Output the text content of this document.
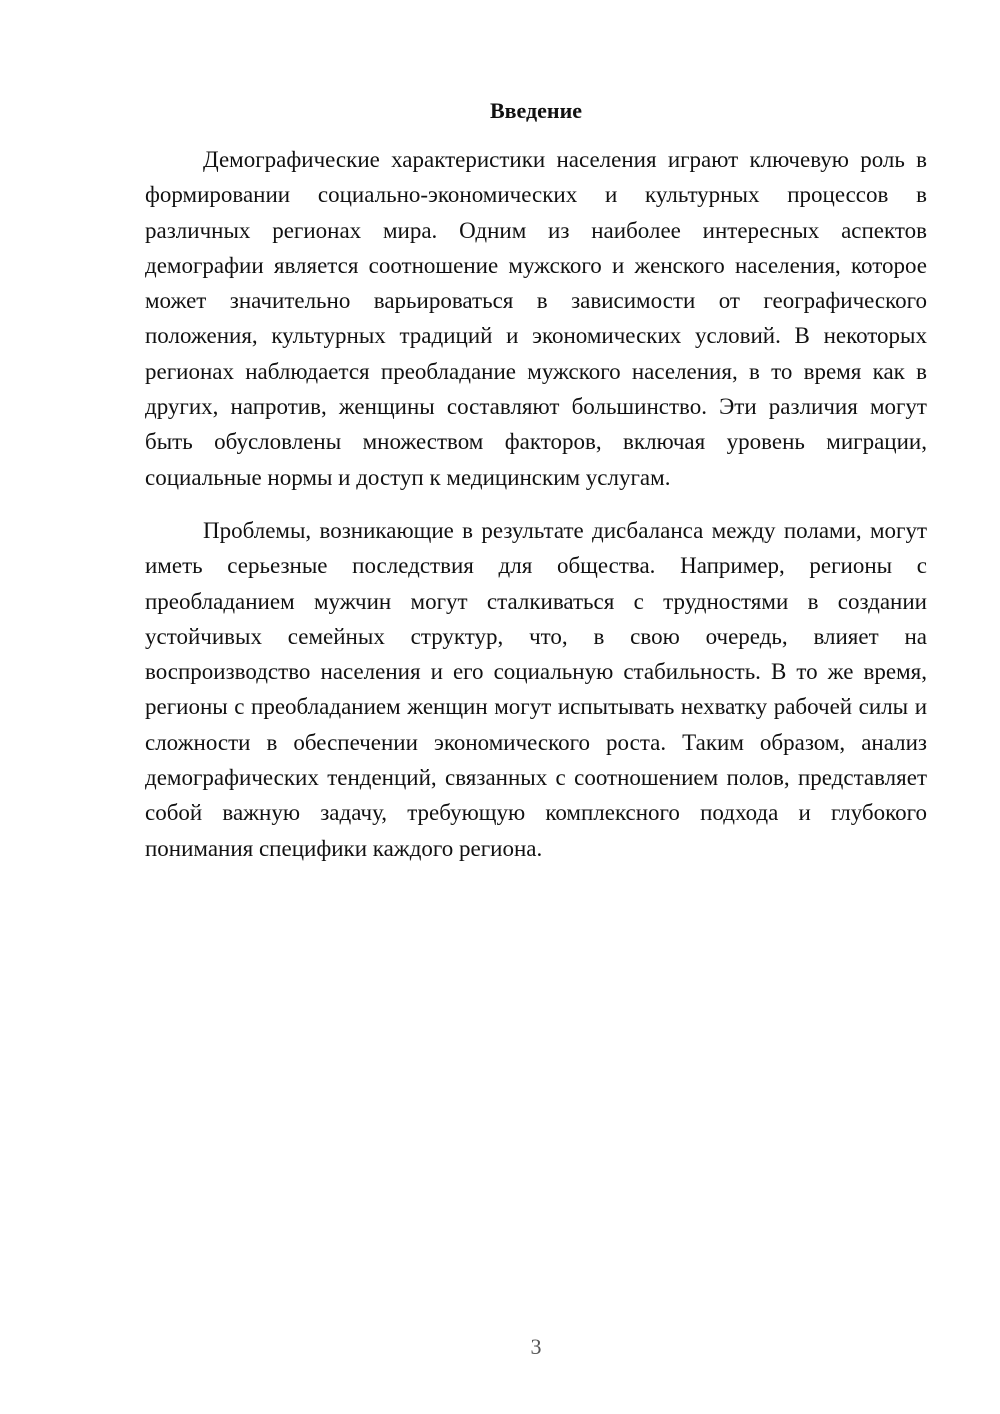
Введение

Демографические характеристики населения играют ключевую роль в формировании социально-экономических и культурных процессов в различных регионах мира. Одним из наиболее интересных аспектов демографии является соотношение мужского и женского населения, которое может значительно варьироваться в зависимости от географического положения, культурных традиций и экономических условий. В некоторых регионах наблюдается преобладание мужского населения, в то время как в других, напротив, женщины составляют большинство. Эти различия могут быть обусловлены множеством факторов, включая уровень миграции, социальные нормы и доступ к медицинским услугам.

Проблемы, возникающие в результате дисбаланса между полами, могут иметь серьезные последствия для общества. Например, регионы с преобладанием мужчин могут сталкиваться с трудностями в создании устойчивых семейных структур, что, в свою очередь, влияет на воспроизводство населения и его социальную стабильность. В то же время, регионы с преобладанием женщин могут испытывать нехватку рабочей силы и сложности в обеспечении экономического роста. Таким образом, анализ демографических тенденций, связанных с соотношением полов, представляет собой важную задачу, требующую комплексного подхода и глубокого понимания специфики каждого региона.

3
